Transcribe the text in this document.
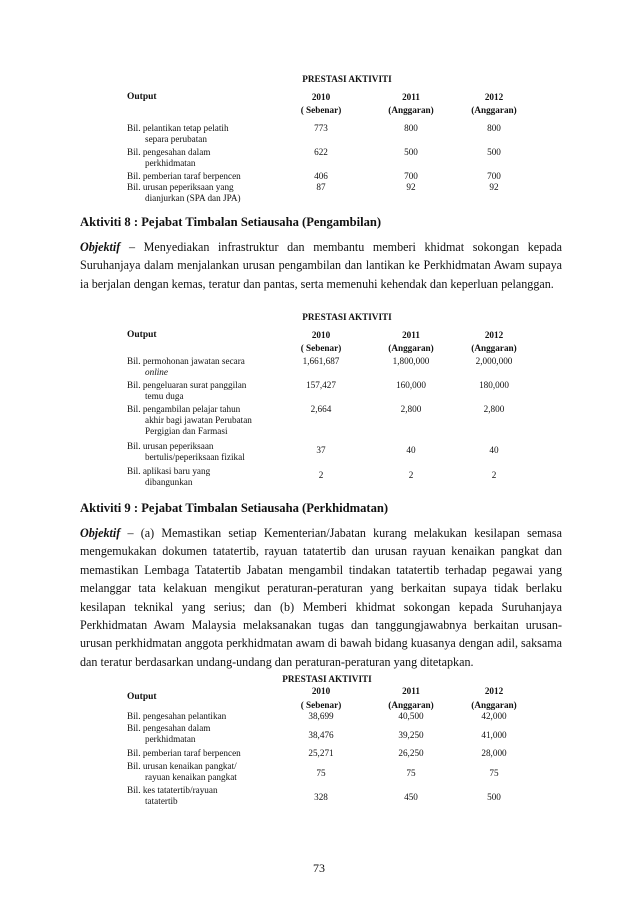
PRESTASI AKTIVITI
Output	2010	2011	2012
( Sebenar)	(Anggaran)	(Anggaran)
Bil. pelantikan tetap pelatih
separa perubatan
773	800	800
Bil. pengesahan dalam
perkhidmatan
622	500	500
Bil. pemberian taraf berpencen	406	700	700
Bil. urusan peperiksaan yang
dianjurkan (SPA dan JPA)
87	92	92
Aktiviti 8 : Pejabat Timbalan Setiausaha (Pengambilan)
Objektif – Menyediakan infrastruktur dan membantu memberi khidmat sokongan kepada Suruhanjaya dalam menjalankan urusan pengambilan dan lantikan ke Perkhidmatan Awam supaya ia berjalan dengan kemas, teratur dan pantas, serta memenuhi kehendak dan keperluan pelanggan.
PRESTASI AKTIVITI
Output	2010	2011	2012
( Sebenar)	(Anggaran)	(Anggaran)
Bil. permohonan jawatan secara
online
1,661,687	1,800,000	2,000,000
Bil. pengeluaran surat panggilan
temu duga
157,427	160,000	180,000
Bil. pengambilan pelajar tahun
akhir bagi jawatan Perubatan
Pergigian dan Farmasi
2,664	2,800	2,800
Bil. urusan peperiksaan
bertulis/peperiksaan fizikal
37	40	40
Bil. aplikasi baru yang
dibangunkan
2	2	2
Aktiviti 9 : Pejabat Timbalan Setiausaha (Perkhidmatan)
Objektif – (a) Memastikan setiap Kementerian/Jabatan kurang melakukan kesilapan semasa mengemukakan dokumen tatatertib, rayuan tatatertib dan urusan rayuan kenaikan pangkat dan memastikan Lembaga Tatatertib Jabatan mengambil tindakan tatatertib terhadap pegawai yang melanggar tata kelakuan mengikut peraturan-peraturan yang berkaitan supaya tidak berlaku kesilapan teknikal yang serius; dan (b) Memberi khidmat sokongan kepada Suruhanjaya Perkhidmatan Awam Malaysia melaksanakan tugas dan tanggungjawabnya berkaitan urusan-urusan perkhidmatan anggota perkhidmatan awam di bawah bidang kuasanya dengan adil, saksama dan teratur berdasarkan undang-undang dan peraturan-peraturan yang ditetapkan.
PRESTASI AKTIVITI
Output
2010	2011	2012
( Sebenar)	(Anggaran)	(Anggaran)
Bil. pengesahan pelantikan	38,699	40,500	42,000
Bil. pengesahan dalam
perkhidmatan	38,476	39,250	41,000
Bil. pemberian taraf berpencen	25,271	26,250	28,000
Bil. urusan kenaikan pangkat/
rayuan kenaikan pangkat	75	75	75
Bil. kes tatatertib/rayuan
tatatertib	328	450	500
73
